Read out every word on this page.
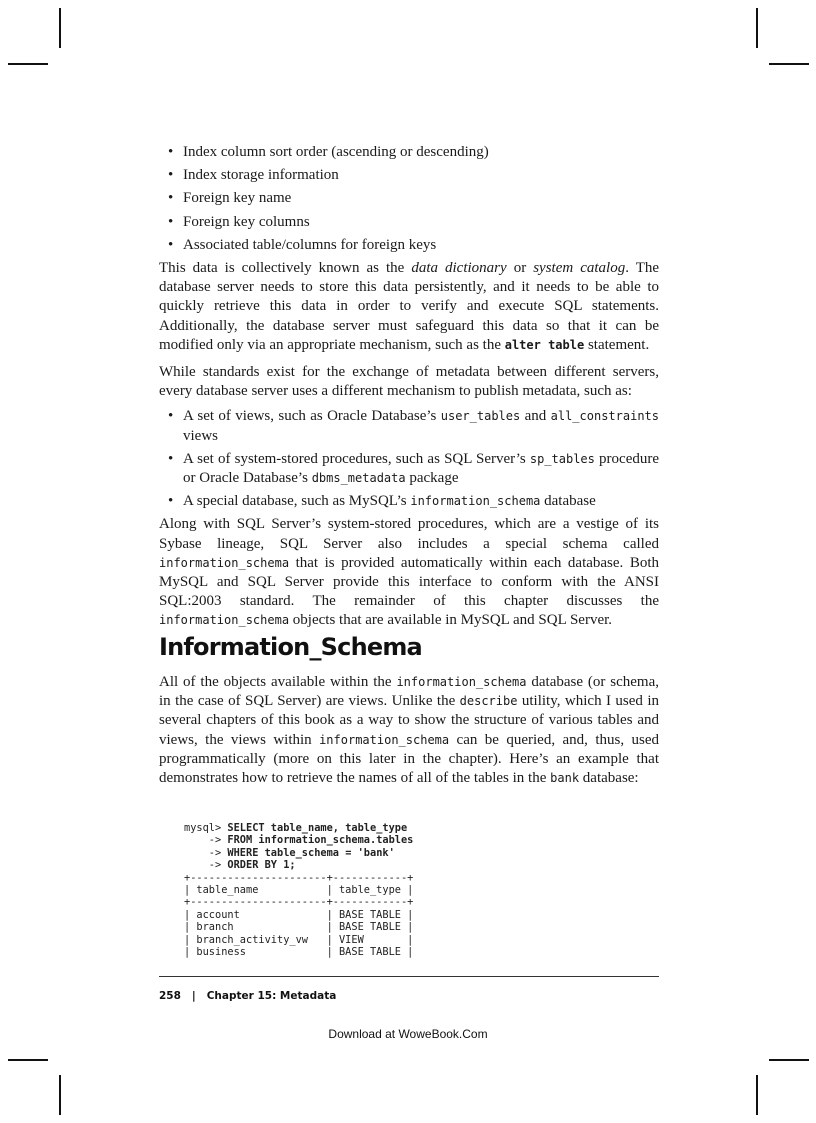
• Index column sort order (ascending or descending)
• Index storage information
• Foreign key name
• Foreign key columns
• Associated table/columns for foreign keys

This data is collectively known as the data dictionary or system catalog. The database server needs to store this data persistently, and it needs to be able to quickly retrieve this data in order to verify and execute SQL statements. Additionally, the database server must safeguard this data so that it can be modified only via an appropriate mechanism, such as the alter table statement.

While standards exist for the exchange of metadata between different servers, every database server uses a different mechanism to publish metadata, such as:

• A set of views, such as Oracle Database’s user_tables and all_constraints views
• A set of system-stored procedures, such as SQL Server’s sp_tables procedure or Oracle Database’s dbms_metadata package
• A special database, such as MySQL’s information_schema database

Along with SQL Server’s system-stored procedures, which are a vestige of its Sybase lineage, SQL Server also includes a special schema called information_schema that is provided automatically within each database. Both MySQL and SQL Server provide this interface to conform with the ANSI SQL:2003 standard. The remainder of this chapter discusses the information_schema objects that are available in MySQL and SQL Server.

Information_Schema

All of the objects available within the information_schema database (or schema, in the case of SQL Server) are views. Unlike the describe utility, which I used in several chapters of this book as a way to show the structure of various tables and views, the views within information_schema can be queried, and, thus, used programmatically (more on this later in the chapter). Here’s an example that demonstrates how to retrieve the names of all of the tables in the bank database:

mysql> SELECT table_name, table_type
-> FROM information_schema.tables
-> WHERE table_schema = 'bank'
-> ORDER BY 1;
+----------------------+------------+
| table_name           | table_type |
+----------------------+------------+
| account              | BASE TABLE |
| branch               | BASE TABLE |
| branch_activity_vw   | VIEW       |
| business             | BASE TABLE |
258 | Chapter 15: Metadata
Download at WoweBook.Com
